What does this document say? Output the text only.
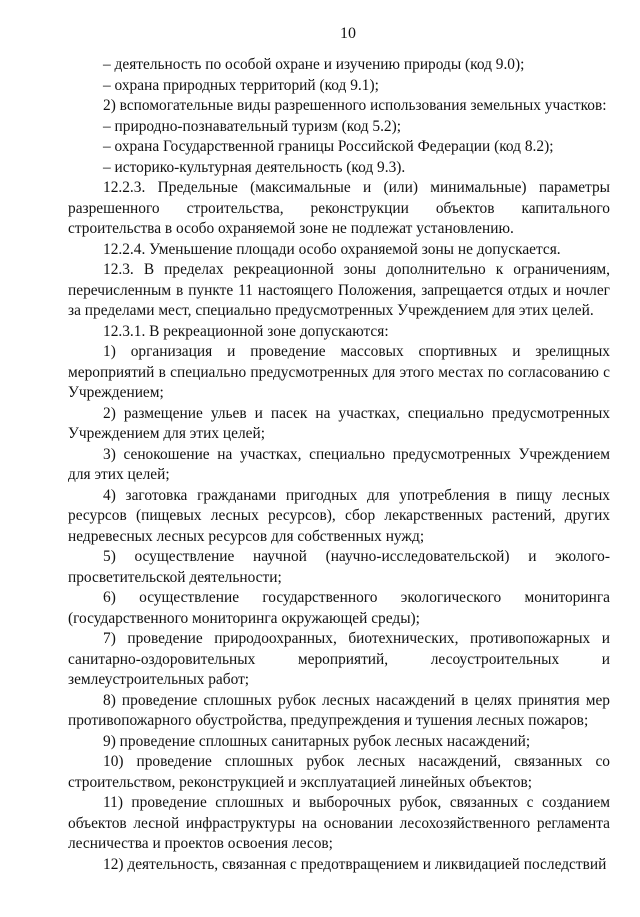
10

– деятельность по особой охране и изучению природы (код 9.0);

– охрана природных территорий (код 9.1);

2) вспомогательные виды разрешенного использования земельных участков:

– природно-познавательный туризм (код 5.2);

– охрана Государственной границы Российской Федерации (код 8.2);

– историко-культурная деятельность (код 9.3).

12.2.3. Предельные (максимальные и (или) минимальные) параметры разрешенного строительства, реконструкции объектов капитального строительства в особо охраняемой зоне не подлежат установлению.

12.2.4. Уменьшение площади особо охраняемой зоны не допускается.

12.3. В пределах рекреационной зоны дополнительно к ограничениям, перечисленным в пункте 11 настоящего Положения, запрещается отдых и ночлег за пределами мест, специально предусмотренных Учреждением для этих целей.

12.3.1. В рекреационной зоне допускаются:

1) организация и проведение массовых спортивных и зрелищных мероприятий в специально предусмотренных для этого местах по согласованию с Учреждением;

2) размещение ульев и пасек на участках, специально предусмотренных Учреждением для этих целей;

3) сенокошение на участках, специально предусмотренных Учреждением для этих целей;

4) заготовка гражданами пригодных для употребления в пищу лесных ресурсов (пищевых лесных ресурсов), сбор лекарственных растений, других недревесных лесных ресурсов для собственных нужд;

5) осуществление научной (научно-исследовательской) и эколого-просветительской деятельности;

6) осуществление государственного экологического мониторинга (государственного мониторинга окружающей среды);

7) проведение природоохранных, биотехнических, противопожарных и санитарно-оздоровительных мероприятий, лесоустроительных и землеустроительных работ;

8) проведение сплошных рубок лесных насаждений в целях принятия мер противопожарного обустройства, предупреждения и тушения лесных пожаров;

9) проведение сплошных санитарных рубок лесных насаждений;

10) проведение сплошных рубок лесных насаждений, связанных со строительством, реконструкцией и эксплуатацией линейных объектов;

11) проведение сплошных и выборочных рубок, связанных с созданием объектов лесной инфраструктуры на основании лесохозяйственного регламента лесничества и проектов освоения лесов;

12) деятельность, связанная с предотвращением и ликвидацией последствий
